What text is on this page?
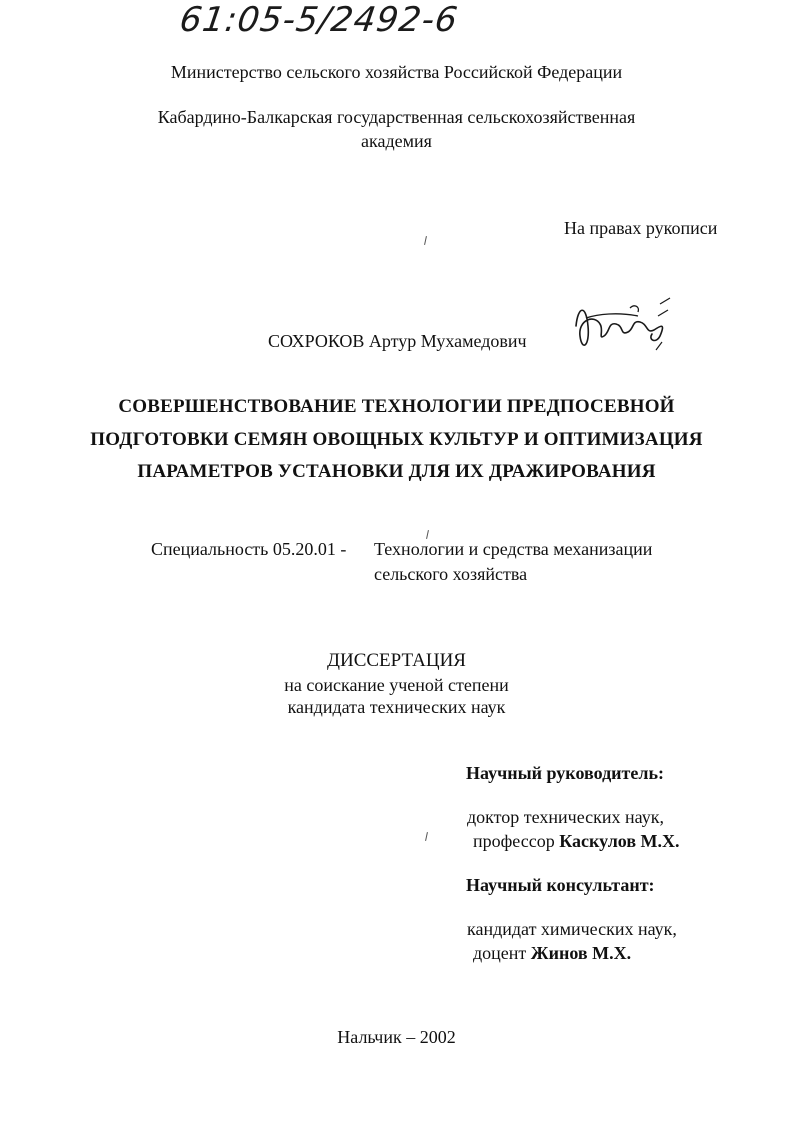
61:05-5/2492-6
Министерство сельского хозяйства Российской Федерации
Кабардино-Балкарская государственная сельскохозяйственная
академия
На правах рукописи
СОХРОКОВ Артур Мухамедович
СОВЕРШЕНСТВОВАНИЕ ТЕХНОЛОГИИ ПРЕДПОСЕВНОЙ
ПОДГОТОВКИ СЕМЯН ОВОЩНЫХ КУЛЬТУР И ОПТИМИЗАЦИЯ
ПАРАМЕТРОВ УСТАНОВКИ ДЛЯ ИХ ДРАЖИРОВАНИЯ
Специальность 05.20.01 - Технологии и средства механизации
сельского хозяйства
ДИССЕРТАЦИЯ
на соискание ученой степени
кандидата технических наук
Научный руководитель:
доктор технических наук,
профессор Каскулов М.Х.
Научный консультант:
кандидат химических наук,
доцент Жинов М.Х.
Нальчик – 2002
